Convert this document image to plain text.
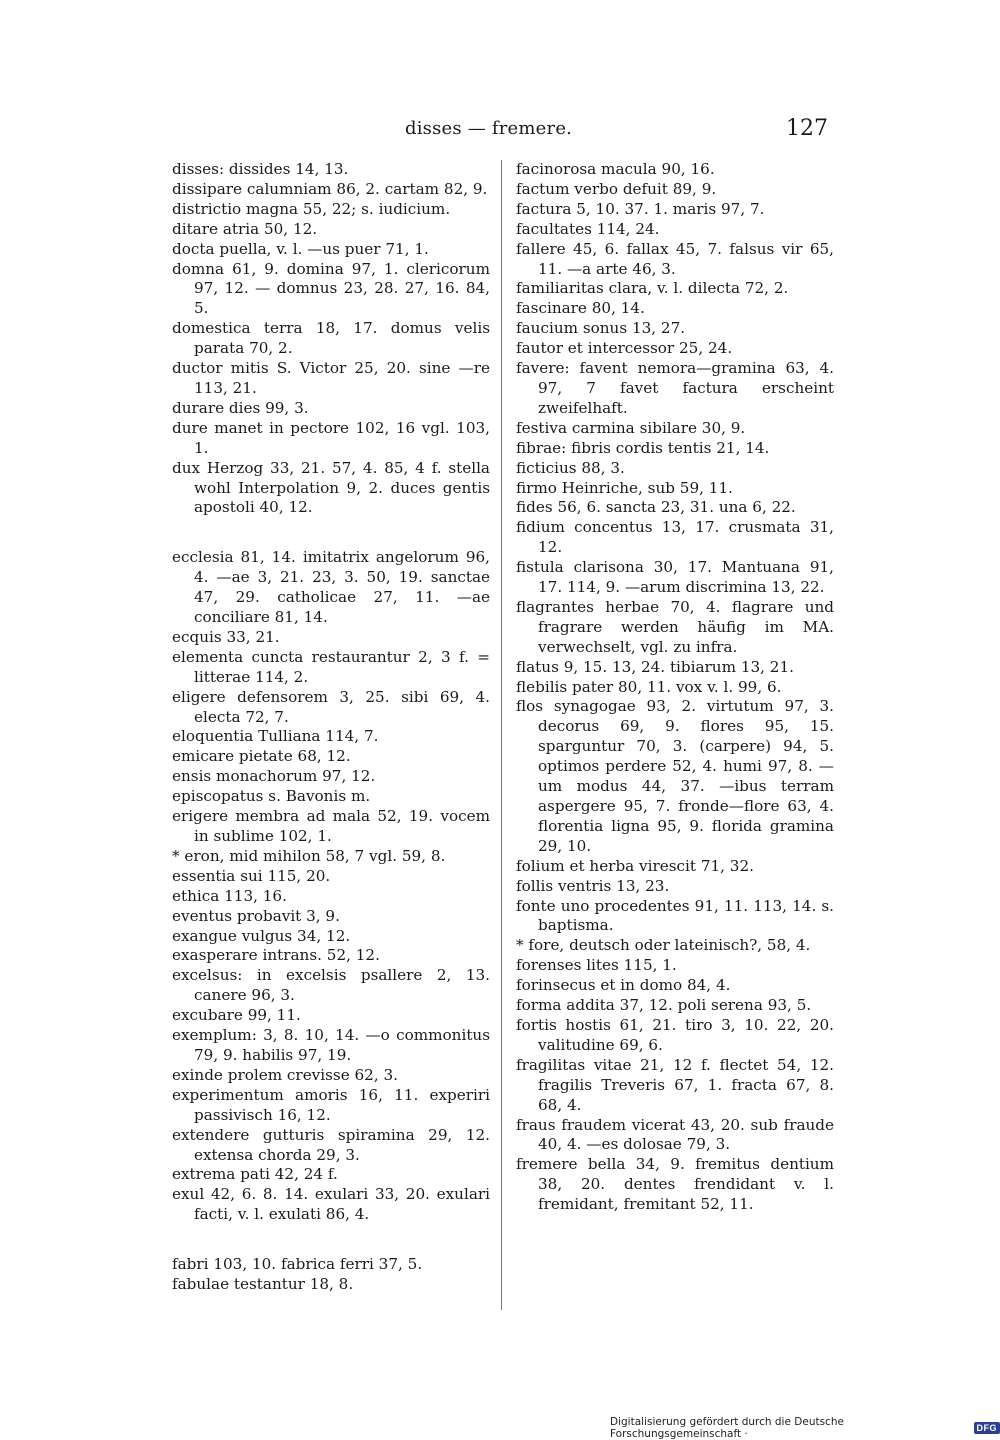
disses — fremere.	127

disses: dissides 14, 13.

dissipare calumniam 86, 2. cartam 82, 9.

districtio magna 55, 22; s. iudicium.

ditare atria 50, 12.

docta puella, v. l. —us puer 71, 1.

domna 61, 9. domina 97, 1. clericorum 97, 12. — domnus 23, 28. 27, 16. 84, 5.

domestica terra 18, 17. domus velis parata 70, 2.

ductor mitis S. Victor 25, 20. sine —re 113, 21.

durare dies 99, 3.

dure manet in pectore 102, 16 vgl. 103, 1.

dux Herzog 33, 21. 57, 4. 85, 4 f. stella wohl Interpolation 9, 2. duces gentis apostoli 40, 12.

ecclesia 81, 14. imitatrix angelorum 96, 4. —ae 3, 21. 23, 3. 50, 19. sanctae 47, 29. catholicae 27, 11. —ae conciliare 81, 14.

ecquis 33, 21.

elementa cuncta restaurantur 2, 3 f. = litterae 114, 2.

eligere defensorem 3, 25. sibi 69, 4. electa 72, 7.

eloquentia Tulliana 114, 7.

emicare pietate 68, 12.

ensis monachorum 97, 12.

episcopatus s. Bavonis m.

erigere membra ad mala 52, 19. vocem in sublime 102, 1.

* eron, mid mihilon 58, 7 vgl. 59, 8.

essentia sui 115, 20.

ethica 113, 16.

eventus probavit 3, 9.

exangue vulgus 34, 12.

exasperare intrans. 52, 12.

excelsus: in excelsis psallere 2, 13. canere 96, 3.

excubare 99, 11.

exemplum: 3, 8. 10, 14. —o commonitus 79, 9. habilis 97, 19.

exinde prolem crevisse 62, 3.

experimentum amoris 16, 11. experiri passivisch 16, 12.

extendere gutturis spiramina 29, 12. extensa chorda 29, 3.

extrema pati 42, 24 f.

exul 42, 6. 8. 14. exulari 33, 20. exulari facti, v. l. exulati 86, 4.

fabri 103, 10. fabrica ferri 37, 5.

fabulae testantur 18, 8.

facinorosa macula 90, 16.

factum verbo defuit 89, 9.

factura 5, 10. 37. 1. maris 97, 7.

facultates 114, 24.

fallere 45, 6. fallax 45, 7. falsus vir 65, 11. —a arte 46, 3.

familiaritas clara, v. l. dilecta 72, 2.

fascinare 80, 14.

faucium sonus 13, 27.

fautor et intercessor 25, 24.

favere: favent nemora—gramina 63, 4. 97, 7 favet factura erscheint zweifelhaft.

festiva carmina sibilare 30, 9.

fibrae: fibris cordis tentis 21, 14.

ficticius 88, 3.

firmo Heinriche, sub 59, 11.

fides 56, 6. sancta 23, 31. una 6, 22.

fidium concentus 13, 17. crusmata 31, 12.

fistula clarisona 30, 17. Mantuana 91, 17. 114, 9. —arum discrimina 13, 22.

flagrantes herbae 70, 4. flagrare und fragrare werden häufig im MA. verwechselt, vgl. zu infra.

flatus 9, 15. 13, 24. tibiarum 13, 21.

flebilis pater 80, 11. vox v. l. 99, 6.

flos synagogae 93, 2. virtutum 97, 3. decorus 69, 9. flores 95, 15. sparguntur 70, 3. (carpere) 94, 5. optimos perdere 52, 4. humi 97, 8. —um modus 44, 37. —ibus terram aspergere 95, 7. fronde—flore 63, 4. florentia ligna 95, 9. florida gramina 29, 10.

folium et herba virescit 71, 32.

follis ventris 13, 23.

fonte uno procedentes 91, 11. 113, 14. s. baptisma.

* fore, deutsch oder lateinisch?, 58, 4.

forenses lites 115, 1.

forinsecus et in domo 84, 4.

forma addita 37, 12. poli serena 93, 5.

fortis hostis 61, 21. tiro 3, 10. 22, 20. valitudine 69, 6.

fragilitas vitae 21, 12 f. flectet 54, 12. fragilis Treveris 67, 1. fracta 67, 8. 68, 4.

fraus fraudem vicerat 43, 20. sub fraude 40, 4. —es dolosae 79, 3.

fremere bella 34, 9. fremitus dentium 38, 20. dentes frendidant v. l. fremidant, fremitant 52, 11.

Digitalisierung gefördert durch die Deutsche Forschungsgemeinschaft ·	DFG
